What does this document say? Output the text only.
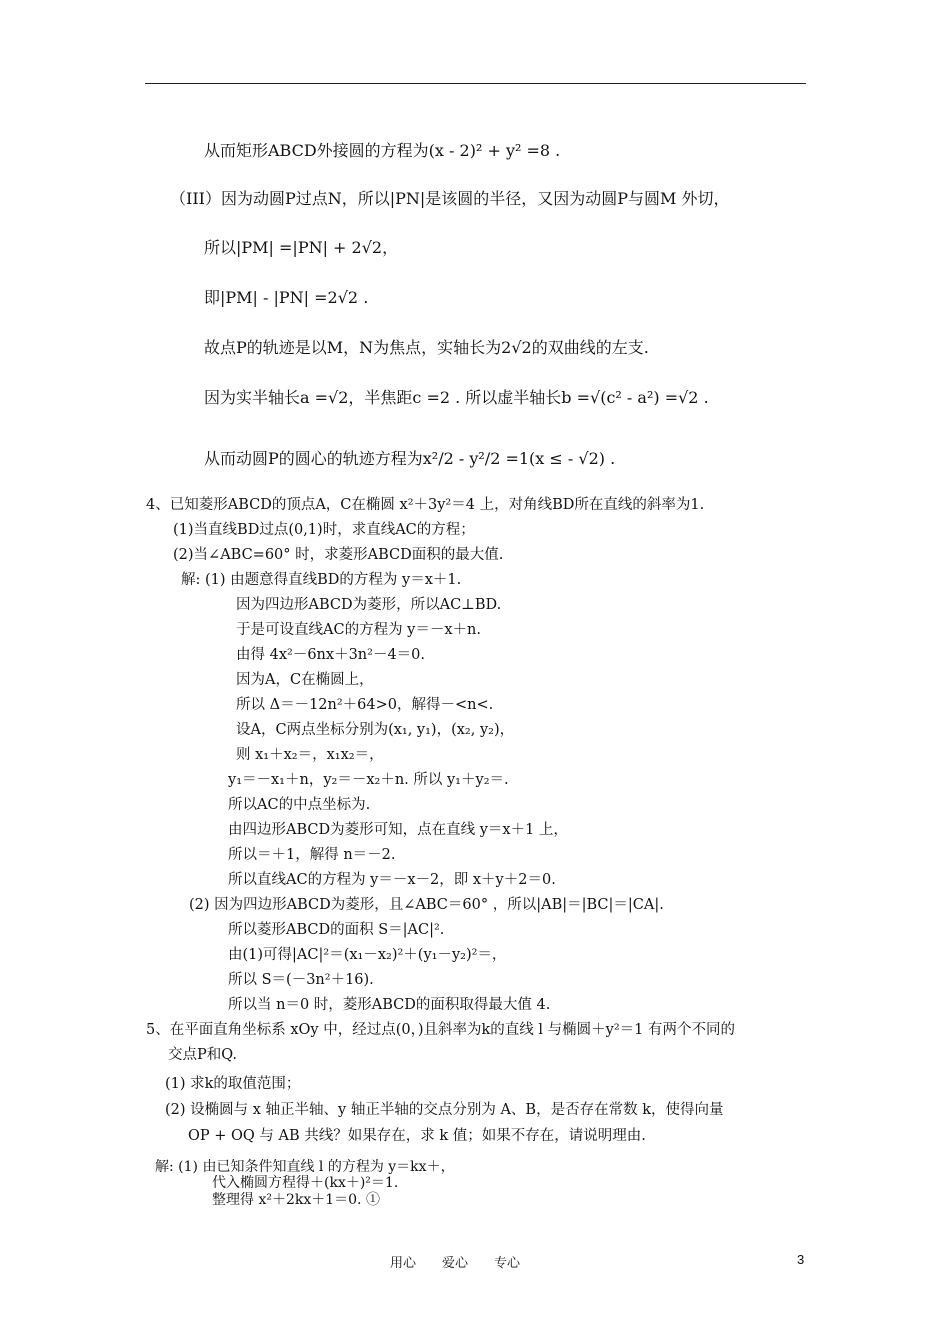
从而矩形ABCD外接圆的方程为(x - 2)² + y² =8 .
（III）因为动圆P过点N，所以|PN|是该圆的半径，又因为动圆P与圆M 外切，
所以|PM| =|PN| + 2√2，
即|PM| - |PN| =2√2 .
故点P的轨迹是以M，N为焦点，实轴长为2√2的双曲线的左支.
因为实半轴长a =√2，半焦距c =2 . 所以虚半轴长b =√(c² - a²) =√2 .
从而动圆P的圆心的轨迹方程为x²/2 - y²/2 =1(x ≤ - √2) .
4、已知菱形ABCD的顶点A，C在椭圆 x²＋3y²＝4 上，对角线BD所在直线的斜率为1.
(1)当直线BD过点(0,1)时，求直线AC的方程；
(2)当∠ABC=60° 时，求菱形ABCD面积的最大值.
解: (1) 由题意得直线BD的方程为 y＝x＋1.
因为四边形ABCD为菱形，所以AC⊥BD.
于是可设直线AC的方程为 y＝－x＋n.
由得 4x²－6nx＋3n²－4＝0.
因为A，C在椭圆上，
所以 Δ＝－12n²＋64>0，解得－<n<.
设A，C两点坐标分别为(x₁, y₁)，(x₂, y₂)，
则 x₁＋x₂＝，x₁x₂＝，
y₁＝－x₁＋n，y₂＝－x₂＋n. 所以 y₁＋y₂＝.
所以AC的中点坐标为.
由四边形ABCD为菱形可知，点在直线 y＝x＋1 上，
所以＝＋1，解得 n＝－2.
所以直线AC的方程为 y＝－x－2，即 x＋y＋2＝0.
(2) 因为四边形ABCD为菱形，且∠ABC＝60° ，所以|AB|＝|BC|＝|CA|.
所以菱形ABCD的面积 S＝|AC|².
由(1)可得|AC|²＝(x₁－x₂)²＋(y₁－y₂)²＝，
所以 S＝(－3n²＋16).
所以当 n＝0 时，菱形ABCD的面积取得最大值 4.
5、在平面直角坐标系 xOy 中，经过点(0，)且斜率为k的直线 l 与椭圆＋y²＝1 有两个不同的
交点P和Q.
(1) 求k的取值范围；
(2) 设椭圆与 x 轴正半轴、y 轴正半轴的交点分别为 A、B，是否存在常数 k，使得向量
OP + OQ 与 AB 共线？如果存在，求 k 值；如果不存在，请说明理由.
解: (1) 由已知条件知直线 l 的方程为 y＝kx＋，
代入椭圆方程得＋(kx＋)²＝1.
整理得 x²＋2kx＋1＝0. ①
用心　　爱心　　专心	3
